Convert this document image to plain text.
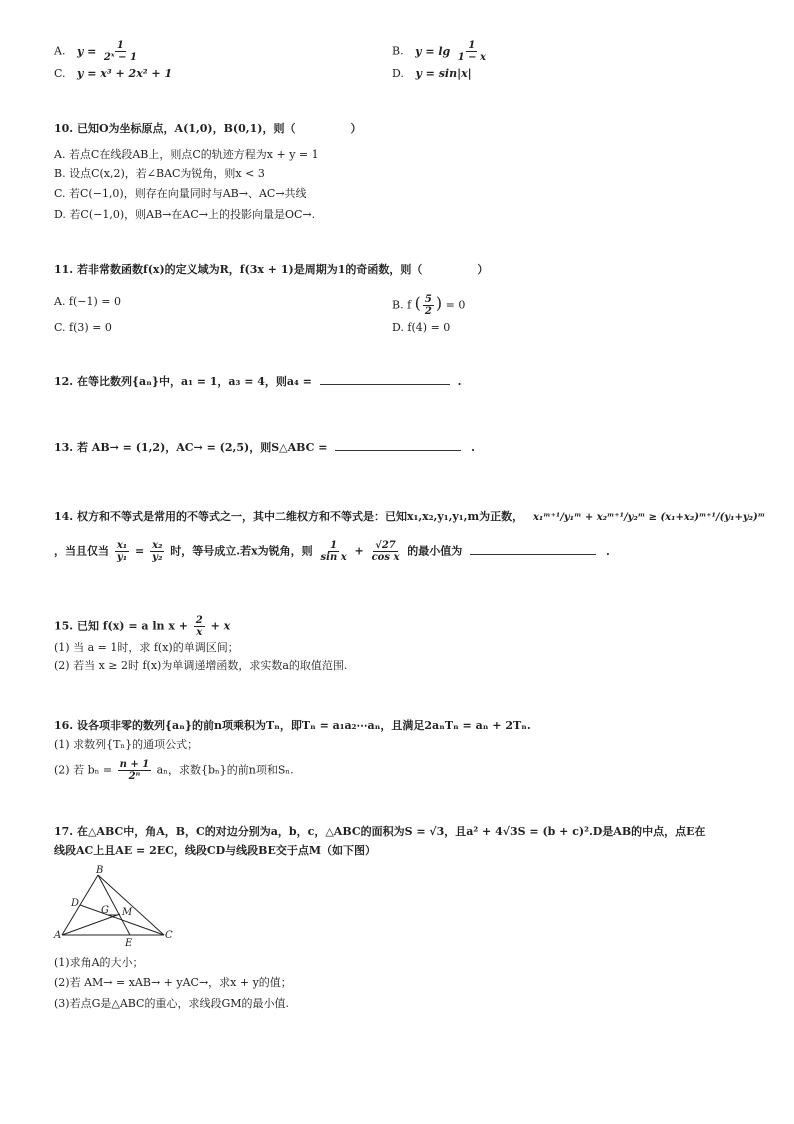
A. $y = \frac{1}{\text{2ˣ − 1}}$	B. $y = \lg \frac{1}{1 - x}$
C. y = x³ + 2x² + 1	D. y = sin|x|
10. 已知O为坐标原点，A(1,0)，B(0,1)，则（　　　　　）
A. 若点C在线段AB上，则点C的轨迹方程为x + y = 1
B. 设点C(x,2)，若∠BAC为锐角，则x < 3
C. 若C(−1,0)，则存在向量同时与AB→、AC→共线
D. 若C(−1,0)，则AB→在AC→上的投影向量是OC→.
11. 若非常数函数f(x)的定义域为R，f(3x + 1)是周期为1的奇函数，则（　　　　　）
A. f(−1) = 0	B. f ( $\frac{5}{2}$ ) = 0
C. f(3) = 0	D. f(4) = 0
12. 在等比数列{aₙ}中，a₁ = 1，a₃ = 4，则a₄ =	.
13. 若 AB→ = (1,2)，AC→ = (2,5)，则S△ABC =	.
14. 权方和不等式是常用的不等式之一，其中二维权方和不等式是：已知x₁,x₂,y₁,y₁,m为正数， x₁ᵐ⁺¹/y₁ᵐ + x₂ᵐ⁺¹/y₂ᵐ ≥ (x₁+x₂)ᵐ⁺¹/(y₁+y₂)ᵐ
，当且仅当 $\frac{\text{x₁}}{\text{y₁}} = \frac{\text{x₂}}{\text{y₂}}$ 时，等号成立.若x为锐角，则 $\frac{1}{\text{sin x}} + \frac{√27}{\text{cos x}}$ 的最小值为	.
15. 已知 f(x) = a $\ln x + \frac{2}{x} + x$
(1) 当 a = 1时，求 f(x)的单调区间；
(2) 若当 x ≥ 2时 f(x)为单调递增函数，求实数a的取值范围.
16. 设各项非零的数列{aₙ}的前n项乘积为Tₙ，即Tₙ = a₁a₂⋯aₙ，且满足2aₙTₙ = aₙ + 2Tₙ.
(1) 求数列{Tₙ}的通项公式；
(2) 若 $b_n = \frac{n + 1}{\text{2ⁿ}}$ aₙ，求数{bₙ}的前n项和Sₙ.
17. 在△ABC中，角A，B，C的对边分别为a，b，c，△ABC的面积为S = √3，且a² + 4√3S = (b + c)².D是AB的中点，点E在
线段AC上且AE = 2EC，线段CD与线段BE交于点M（如下图）
B
D
G M
A
E
C
(1)求角A的大小；
(2)若 AM→ = xAB→ + yAC→，求x + y的值；
(3)若点G是△ABC的重心，求线段GM的最小值.
